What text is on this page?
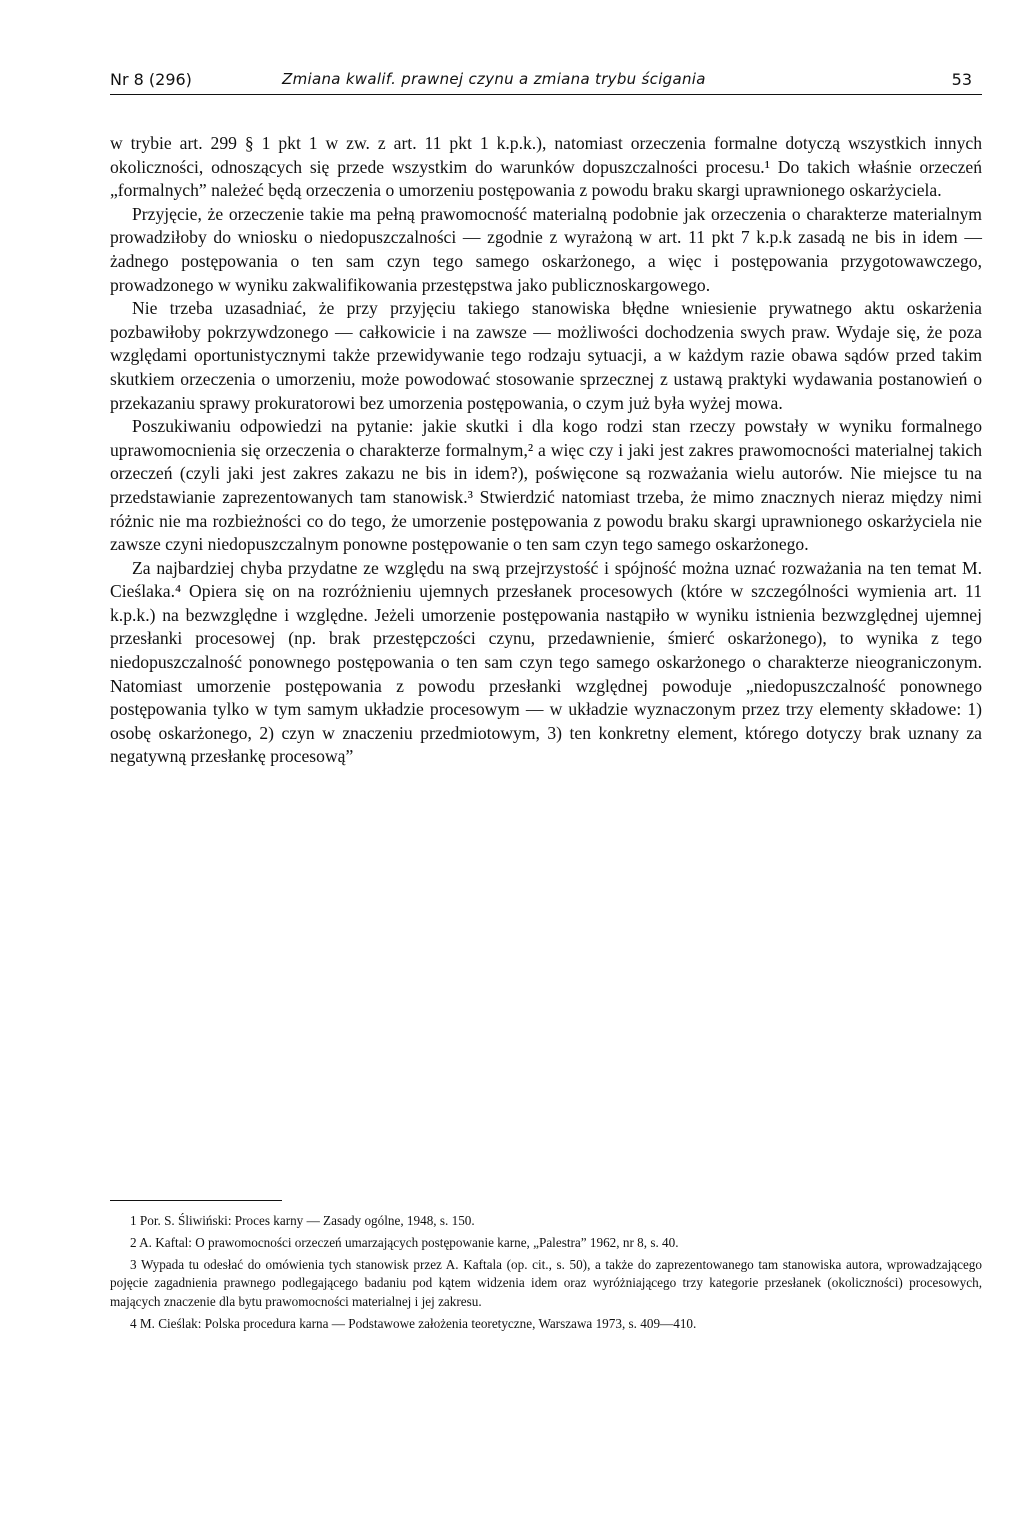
Nr 8 (296)	Zmiana kwalif. prawnej czynu a zmiana trybu ścigania	53

w trybie art. 299 § 1 pkt 1 w zw. z art. 11 pkt 1 k.p.k.), natomiast orzeczenia formalne dotyczą wszystkich innych okoliczności, odnoszących się przede wszystkim do warunków dopuszczalności procesu.¹ Do takich właśnie orzeczeń „formalnych” należeć będą orzeczenia o umorzeniu postępowania z powodu braku skargi uprawnionego oskarżyciela.

Przyjęcie, że orzeczenie takie ma pełną prawomocność materialną podobnie jak orzeczenia o charakterze materialnym prowadziłoby do wniosku o niedopuszczalności — zgodnie z wyrażoną w art. 11 pkt 7 k.p.k zasadą ne bis in idem — żadnego postępowania o ten sam czyn tego samego oskarżonego, a więc i postępowania przygotowawczego, prowadzonego w wyniku zakwalifikowania przestępstwa jako publicznoskargowego.

Nie trzeba uzasadniać, że przy przyjęciu takiego stanowiska błędne wniesienie prywatnego aktu oskarżenia pozbawiłoby pokrzywdzonego — całkowicie i na zawsze — możliwości dochodzenia swych praw. Wydaje się, że poza względami oportunistycznymi także przewidywanie tego rodzaju sytuacji, a w każdym razie obawa sądów przed takim skutkiem orzeczenia o umorzeniu, może powodować stosowanie sprzecznej z ustawą praktyki wydawania postanowień o przekazaniu sprawy prokuratorowi bez umorzenia postępowania, o czym już była wyżej mowa.

Poszukiwaniu odpowiedzi na pytanie: jakie skutki i dla kogo rodzi stan rzeczy powstały w wyniku formalnego uprawomocnienia się orzeczenia o charakterze formalnym,² a więc czy i jaki jest zakres prawomocności materialnej takich orzeczeń (czyli jaki jest zakres zakazu ne bis in idem?), poświęcone są rozważania wielu autorów. Nie miejsce tu na przedstawianie zaprezentowanych tam stanowisk.³ Stwierdzić natomiast trzeba, że mimo znacznych nieraz między nimi różnic nie ma rozbieżności co do tego, że umorzenie postępowania z powodu braku skargi uprawnionego oskarżyciela nie zawsze czyni niedopuszczalnym ponowne postępowanie o ten sam czyn tego samego oskarżonego.

Za najbardziej chyba przydatne ze względu na swą przejrzystość i spójność można uznać rozważania na ten temat M. Cieślaka.⁴ Opiera się on na rozróżnieniu ujemnych przesłanek procesowych (które w szczególności wymienia art. 11 k.p.k.) na bezwzględne i względne. Jeżeli umorzenie postępowania nastąpiło w wyniku istnienia bezwzględnej ujemnej przesłanki procesowej (np. brak przestępczości czynu, przedawnienie, śmierć oskarżonego), to wynika z tego niedopuszczalność ponownego postępowania o ten sam czyn tego samego oskarżonego o charakterze nieograniczonym. Natomiast umorzenie postępowania z powodu przesłanki względnej powoduje „niedopuszczalność ponownego postępowania tylko w tym samym układzie procesowym — w układzie wyznaczonym przez trzy elementy składowe: 1) osobę oskarżonego, 2) czyn w znaczeniu przedmiotowym, 3) ten konkretny element, którego dotyczy brak uznany za negatywną przesłankę procesową”

1 Por. S. Śliwiński: Proces karny — Zasady ogólne, 1948, s. 150.

2 A. Kaftal: O prawomocności orzeczeń umarzających postępowanie karne, „Palestra” 1962, nr 8, s. 40.

3 Wypada tu odesłać do omówienia tych stanowisk przez A. Kaftala (op. cit., s. 50), a także do zaprezentowanego tam stanowiska autora, wprowadzającego pojęcie zagadnienia prawnego podlegającego badaniu pod kątem widzenia idem oraz wyróżniającego trzy kategorie przesłanek (okoliczności) procesowych, mających znaczenie dla bytu prawomocności materialnej i jej zakresu.

4 M. Cieślak: Polska procedura karna — Podstawowe założenia teoretyczne, Warszawa 1973, s. 409—410.
